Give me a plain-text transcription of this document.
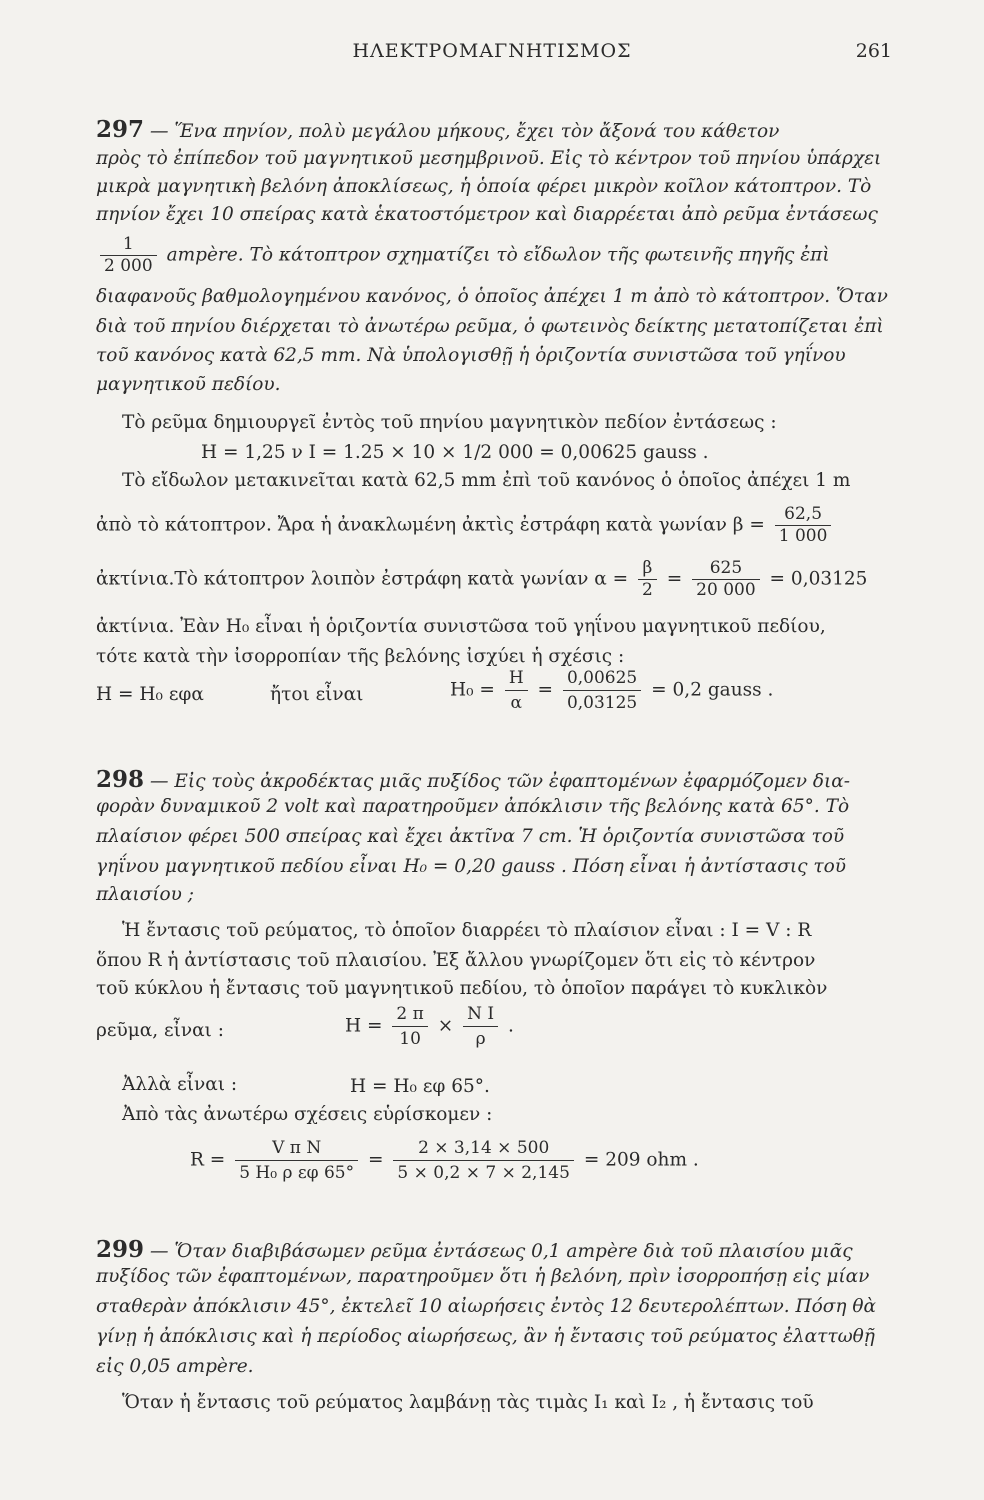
ΗΛΕΚΤΡΟΜΑΓΝΗΤΙΣΜΟΣ	261
297 — Ἕνα πηνίον, πολὺ μεγάλου μήκους, ἔχει τὸν ἄξονά του κάθετον
πρὸς τὸ ἐπίπεδον τοῦ μαγνητικοῦ μεσημβρινοῦ. Εἰς τὸ κέντρον τοῦ πηνίου ὑπάρχει
μικρὰ μαγνητικὴ βελόνη ἀποκλίσεως, ἡ ὁποία φέρει μικρὸν κοῖλον κάτοπτρον. Τὸ
πηνίον ἔχει 10 σπείρας κατὰ ἑκατοστόμετρον καὶ διαρρέεται ἀπὸ ρεῦμα ἐντάσεως
$\frac{1}{2 000}$ ampère. Τὸ κάτοπτρον σχηματίζει τὸ εἴδωλον τῆς φωτεινῆς πηγῆς ἐπὶ
διαφανοῦς βαθμολογημένου κανόνος, ὁ ὁποῖος ἀπέχει 1 m ἀπὸ τὸ κάτοπτρον. Ὅταν
διὰ τοῦ πηνίου διέρχεται τὸ ἀνωτέρω ρεῦμα, ὁ φωτεινὸς δείκτης μετατοπίζεται ἐπὶ
τοῦ κανόνος κατὰ 62,5 mm. Νὰ ὑπολογισθῇ ἡ ὁριζοντία συνιστῶσα τοῦ γηΐνου
μαγνητικοῦ πεδίου.
Τὸ ρεῦμα δημιουργεῖ ἐντὸς τοῦ πηνίου μαγνητικὸν πεδίον ἐντάσεως :
H = 1,25 ν I = 1.25 × 10 × 1/2 000 = 0,00625 gauss .
Τὸ εἴδωλον μετακινεῖται κατὰ 62,5 mm ἐπὶ τοῦ κανόνος ὁ ὁποῖος ἀπέχει 1 m
ἀπὸ τὸ κάτοπτρον. Ἄρα ἡ ἀνακλωμένη ἀκτὶς ἐστράφη κατὰ γωνίαν $\beta = \frac{62,5}{1 000}$
ἀκτίνια.Τὸ κάτοπτρον λοιπὸν ἐστράφη κατὰ γωνίαν $\alpha = \frac{\beta}{2} = \frac{625}{20 000} = 0,03125$
ἀκτίνια. Ἐὰν H₀ εἶναι ἡ ὁριζοντία συνιστῶσα τοῦ γηΐνου μαγνητικοῦ πεδίου,
τότε κατὰ τὴν ἰσορροπίαν τῆς βελόνης ἰσχύει ἡ σχέσις :
H = H₀ εφα	ἤτοι εἶναι	$H_0 = \frac{H}{\alpha} = \frac{0,00625}{0,03125} = 0,2$ gauss .
298 — Εἰς τοὺς ἀκροδέκτας μιᾶς πυξίδος τῶν ἐφαπτομένων ἐφαρμόζομεν δια-
φορὰν δυναμικοῦ 2 volt καὶ παρατηροῦμεν ἀπόκλισιν τῆς βελόνης κατὰ 65°. Τὸ
πλαίσιον φέρει 500 σπείρας καὶ ἔχει ἀκτῖνα 7 cm. Ἡ ὁριζοντία συνιστῶσα τοῦ
γηΐνου μαγνητικοῦ πεδίου εἶναι H₀ = 0,20 gauss . Πόση εἶναι ἡ ἀντίστασις τοῦ
πλαισίου ;
Ἡ ἔντασις τοῦ ρεύματος, τὸ ὁποῖον διαρρέει τὸ πλαίσιον εἶναι : I = V : R
ὅπου R ἡ ἀντίστασις τοῦ πλαισίου. Ἐξ ἄλλου γνωρίζομεν ὅτι εἰς τὸ κέντρον
τοῦ κύκλου ἡ ἔντασις τοῦ μαγνητικοῦ πεδίου, τὸ ὁποῖον παράγει τὸ κυκλικὸν
ρεῦμα, εἶναι :	$H = \frac{2 \pi}{10} \times \frac{\text{N I}}{\rho}$ .
Ἀλλὰ εἶναι :	H = H₀ εφ 65°.
Ἀπὸ τὰς ἀνωτέρω σχέσεις εὑρίσκομεν :
$R = \frac{\text{V π N}}{\text{5 H₀ ρ εφ 65°}} = \frac{2 \times 3,14 \times 500}{5 \times 0,2 \times 7 \times 2,145} = 209$ ohm .
299 — Ὅταν διαβιβάσωμεν ρεῦμα ἐντάσεως 0,1 ampère διὰ τοῦ πλαισίου μιᾶς
πυξίδος τῶν ἐφαπτομένων, παρατηροῦμεν ὅτι ἡ βελόνη, πρὶν ἰσορροπήσῃ εἰς μίαν
σταθερὰν ἀπόκλισιν 45°, ἐκτελεῖ 10 αἰωρήσεις ἐντὸς 12 δευτερολέπτων. Πόση θὰ
γίνῃ ἡ ἀπόκλισις καὶ ἡ περίοδος αἰωρήσεως, ἂν ἡ ἔντασις τοῦ ρεύματος ἐλαττωθῇ
εἰς 0,05 ampère.
Ὅταν ἡ ἔντασις τοῦ ρεύματος λαμβάνῃ τὰς τιμὰς I₁ καὶ I₂ , ἡ ἔντασις τοῦ
